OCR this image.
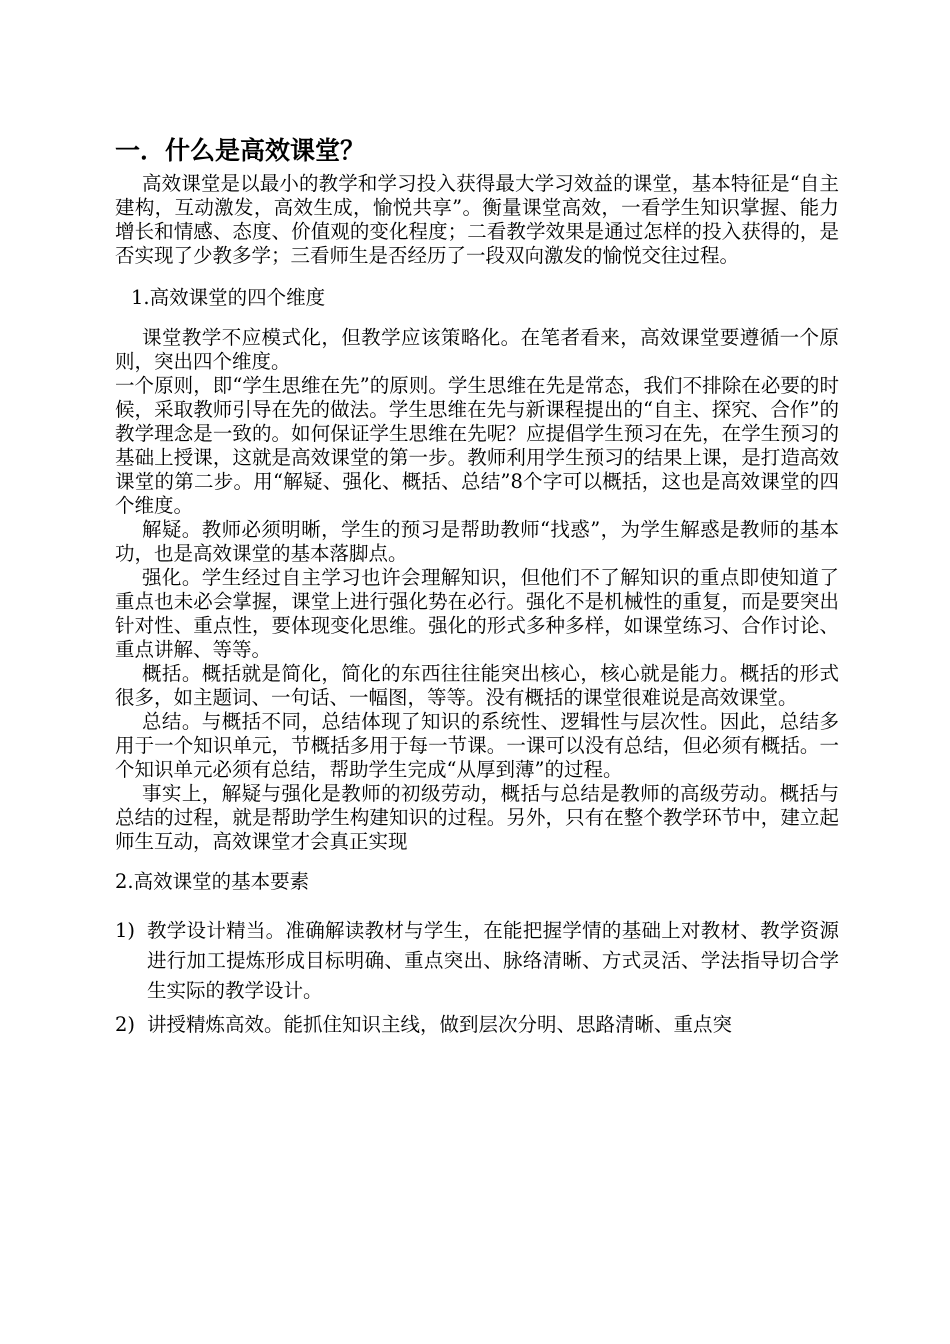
一．什么是高效课堂？

高效课堂是以最小的教学和学习投入获得最大学习效益的课堂，基本特征是“自主建构，互动激发，高效生成，愉悦共享”。衡量课堂高效，一看学生知识掌握、能力增长和情感、态度、价值观的变化程度；二看教学效果是通过怎样的投入获得的，是否实现了少教多学；三看师生是否经历了一段双向激发的愉悦交往过程。

1.高效课堂的四个维度

课堂教学不应模式化，但教学应该策略化。在笔者看来，高效课堂要遵循一个原则，突出四个维度。

一个原则，即“学生思维在先”的原则。学生思维在先是常态，我们不排除在必要的时候，采取教师引导在先的做法。学生思维在先与新课程提出的“自主、探究、合作”的教学理念是一致的。如何保证学生思维在先呢？应提倡学生预习在先，在学生预习的基础上授课，这就是高效课堂的第一步。教师利用学生预习的结果上课，是打造高效课堂的第二步。用“解疑、强化、概括、总结”8个字可以概括，这也是高效课堂的四个维度。

解疑。教师必须明晰，学生的预习是帮助教师“找惑”，为学生解惑是教师的基本功，也是高效课堂的基本落脚点。

强化。学生经过自主学习也许会理解知识，但他们不了解知识的重点即使知道了重点也未必会掌握，课堂上进行强化势在必行。强化不是机械性的重复，而是要突出针对性、重点性，要体现变化思维。强化的形式多种多样，如课堂练习、合作讨论、重点讲解、等等。

概括。概括就是简化，简化的东西往往能突出核心，核心就是能力。概括的形式很多，如主题词、一句话、一幅图，等等。没有概括的课堂很难说是高效课堂。

总结。与概括不同，总结体现了知识的系统性、逻辑性与层次性。因此，总结多用于一个知识单元，节概括多用于每一节课。一课可以没有总结，但必须有概括。一个知识单元必须有总结，帮助学生完成“从厚到薄”的过程。

事实上，解疑与强化是教师的初级劳动，概括与总结是教师的高级劳动。概括与总结的过程，就是帮助学生构建知识的过程。另外，只有在整个教学环节中，建立起师生互动，高效课堂才会真正实现

2.高效课堂的基本要素
1) 教学设计精当。准确解读教材与学生，在能把握学情的基础上对教材、教学资源进行加工提炼形成目标明确、重点突出、脉络清晰、方式灵活、学法指导切合学生实际的教学设计。
2) 讲授精炼高效。能抓住知识主线，做到层次分明、思路清晰、重点突
